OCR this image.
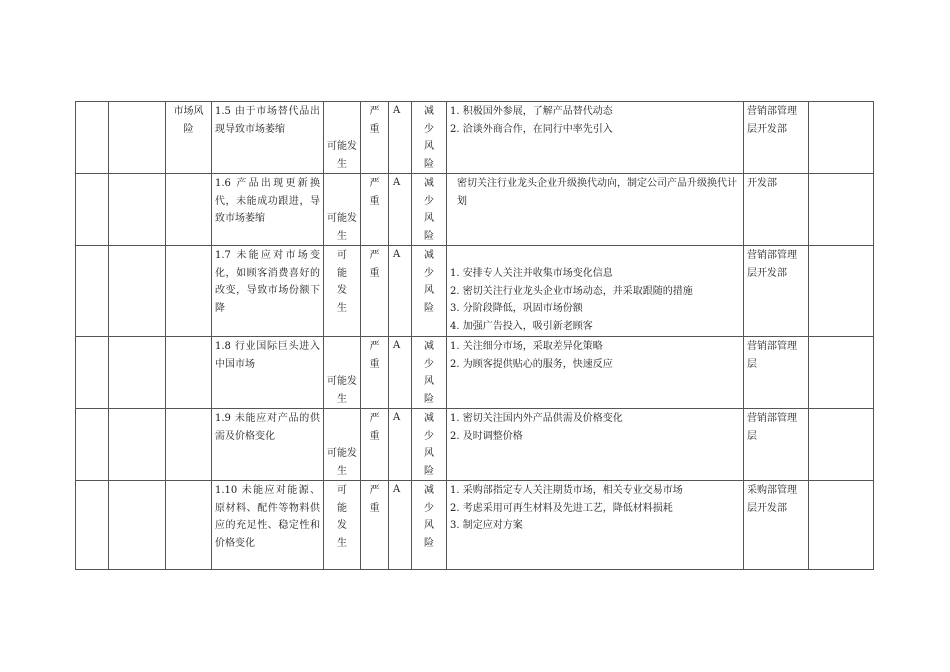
		市场风险	1.5 由于市场替代品出现导致市场萎缩	可能发生	严重	A	减少风险	1. 积极国外参展，了解产品替代动态
2. 洽谈外商合作，在同行中率先引入	营销部管理层开发部	

			1.6 产品出现更新换代，未能成功跟进，导致市场萎缩	可能发生	严重	A	减少风险	密切关注行业龙头企业升级换代动向，制定公司产品升级换代计划	开发部	

			1.7 未能应对市场变化，如顾客消费喜好的改变，导致市场份额下降	可能发生	严重	A	减少风险	1. 安排专人关注并收集市场变化信息
2. 密切关注行业龙头企业市场动态，并采取跟随的措施
3. 分阶段降低，巩固市场份额
4. 加强广告投入，吸引新老顾客	营销部管理层开发部	

			1.8 行业国际巨头进入中国市场	可能发生	严重	A	减少风险	1. 关注细分市场，采取差异化策略
2. 为顾客提供贴心的服务，快速反应	营销部管理层	

			1.9 未能应对产品的供需及价格变化	可能发生	严重	A	减少风险	1. 密切关注国内外产品供需及价格变化
2. 及时调整价格	营销部管理层	

			1.10 未能应对能源、原材料、配件等物料供应的充足性、稳定性和价格变化	可能发生	严重	A	减少风险	1. 采购部指定专人关注期货市场，相关专业交易市场
2. 考虑采用可再生材料及先进工艺，降低材料损耗
3. 制定应对方案	采购部管理层开发部	
